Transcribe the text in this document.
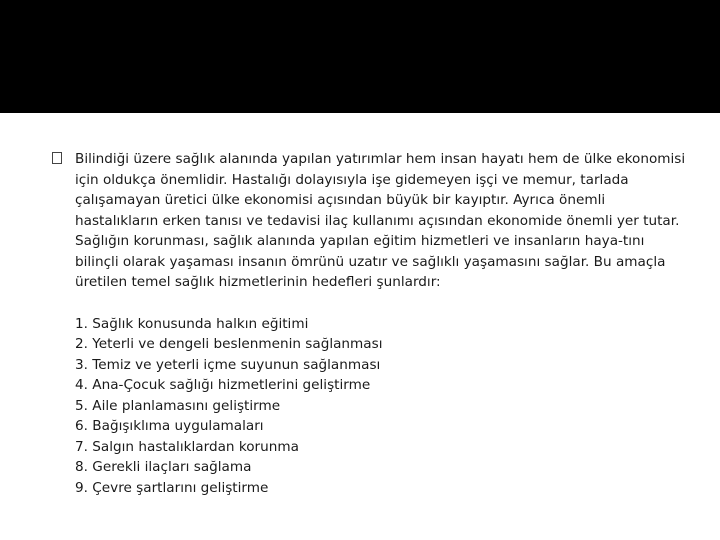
Bilindiği üzere sağlık alanında yapılan yatırımlar hem insan hayatı hem de ülke ekonomisi için oldukça önemlidir. Hastalığı dolayısıyla işe gidemeyen işçi ve memur, tarlada çalışamayan üretici ülke ekonomisi açısından büyük bir kayıptır. Ayrıca önemli hastalıkların erken tanısı ve tedavisi ilaç kullanımı açısından ekonomide önemli yer tutar. Sağlığın korunması, sağlık alanında yapılan eğitim hizmetleri ve insanların haya-tını bilinçli olarak yaşaması insanın ömrünü uzatır ve sağlıklı yaşamasını sağlar. Bu amaçla üretilen temel sağlık hizmetlerinin hedefleri şunlardır:

1. Sağlık konusunda halkın eğitimi
2. Yeterli ve dengeli beslenmenin sağlanması
3. Temiz ve yeterli içme suyunun sağlanması
4. Ana-Çocuk sağlığı hizmetlerini geliştirme
5. Aile planlamasını geliştirme
6. Bağışıklıma uygulamaları
7. Salgın hastalıklardan korunma
8. Gerekli ilaçları sağlama
9. Çevre şartlarını geliştirme
